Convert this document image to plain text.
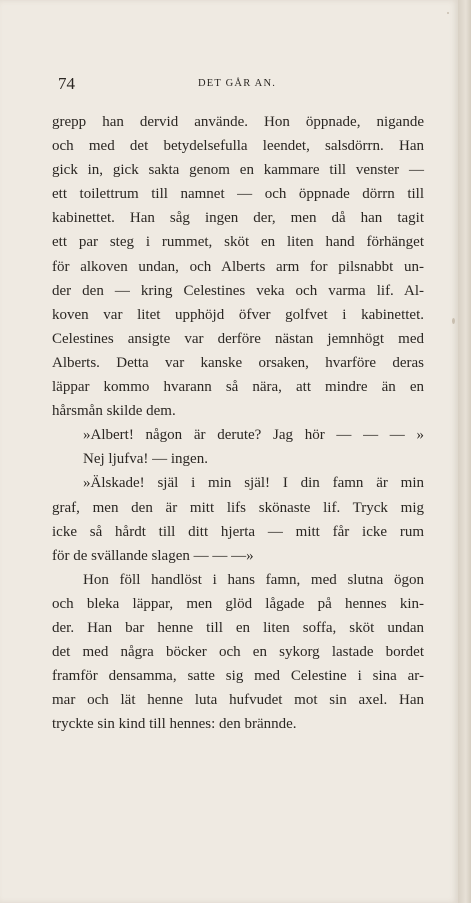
74	DET GÅR AN.
grepp han dervid använde. Hon öppnade, nigande
och med det betydelsefulla leendet, salsdörrn. Han
gick in, gick sakta genom en kammare till venster —
ett toilettrum till namnet — och öppnade dörrn till
kabinettet. Han såg ingen der, men då han tagit
ett par steg i rummet, sköt en liten hand förhänget
för alkoven undan, och Alberts arm for pilsnabbt un-
der den — kring Celestines veka och varma lif. Al-
koven var litet upphöjd öfver golfvet i kabinettet.
Celestines ansigte var derföre nästan jemnhögt med
Alberts. Detta var kanske orsaken, hvarföre deras
läppar kommo hvarann så nära, att mindre än en
hårsmån skilde dem.
»Albert! någon är derute? Jag hör — — — »
Nej ljufva! — ingen.
»Älskade! själ i min själ! I din famn är min
graf, men den är mitt lifs skönaste lif. Tryck mig
icke så hårdt till ditt hjerta — mitt får icke rum
för de svällande slagen — — —»
Hon föll handlöst i hans famn, med slutna ögon
och bleka läppar, men glöd lågade på hennes kin-
der. Han bar henne till en liten soffa, sköt undan
det med några böcker och en sykorg lastade bordet
framför densamma, satte sig med Celestine i sina ar-
mar och lät henne luta hufvudet mot sin axel. Han
tryckte sin kind till hennes: den brännde.
